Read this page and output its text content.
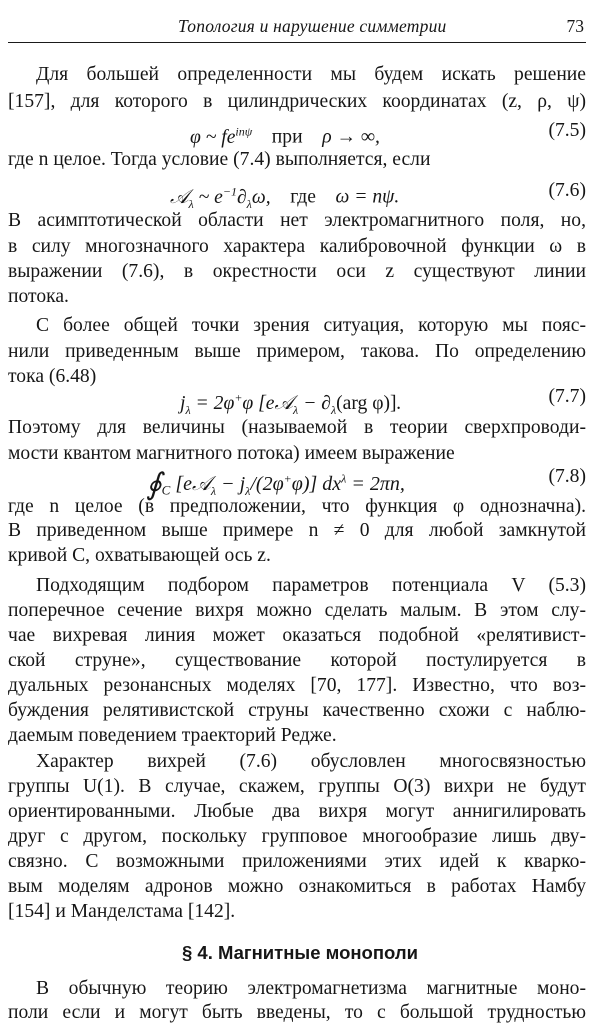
Топология и нарушение симметрии	73
Для большей определенности мы будем искать решение
[157], для которого в цилиндрических координатах (z, ρ, ψ)
φ ~ $fe^{in\psi}$    при    ρ → ∞,	(7.5)
где n целое. Тогда условие (7.4) выполняется, если
𝒜$_\lambda$ ~ $e^{-1}\partial_\lambda\omega$,    где    ω = nψ.	(7.6)
В асимптотической области нет электромагнитного поля, но,
в силу многозначного характера калибровочной функции ω в
выражении (7.6), в окрестности оси z существуют линии
потока.
С более общей точки зрения ситуация, которую мы пояс-
нили приведенным выше примером, такова. По определению
тока (6.48)
$j_\lambda = 2\varphi^+\varphi$ [e𝒜$_\lambda$ − $\partial_\lambda(arg$ φ)].	(7.7)
Поэтому для величины (называемой в теории сверхпроводи-
мости квантом магнитного потока) имеем выражение
$∮_C$ [e𝒜$_\lambda$ − $j_\lambda/(2\varphi^+\varphi)$] $dx^\lambda = 2\pi n$,	(7.8)
где n целое (в предположении, что функция φ однозначна).
В приведенном выше примере n ≠ 0 для любой замкнутой
кривой C, охватывающей ось z.
Подходящим подбором параметров потенциала V (5.3)
поперечное сечение вихря можно сделать малым. В этом слу-
чае вихревая линия может оказаться подобной «релятивист-
ской струне», существование которой постулируется в
дуальных резонансных моделях [70, 177]. Известно, что воз-
буждения релятивистской струны качественно схожи с наблю-
даемым поведением траекторий Редже.
Характер вихрей (7.6) обусловлен многосвязностью
группы U(1). В случае, скажем, группы O(3) вихри не будут
ориентированными. Любые два вихря могут аннигилировать
друг с другом, поскольку групповое многообразие лишь дву-
связно. С возможными приложениями этих идей к кварко-
вым моделям адронов можно ознакомиться в работах Намбу
[154] и Манделстама [142].
§ 4. Магнитные монополи
В обычную теорию электромагнетизма магнитные моно-
поли если и могут быть введены, то с большой трудностью
